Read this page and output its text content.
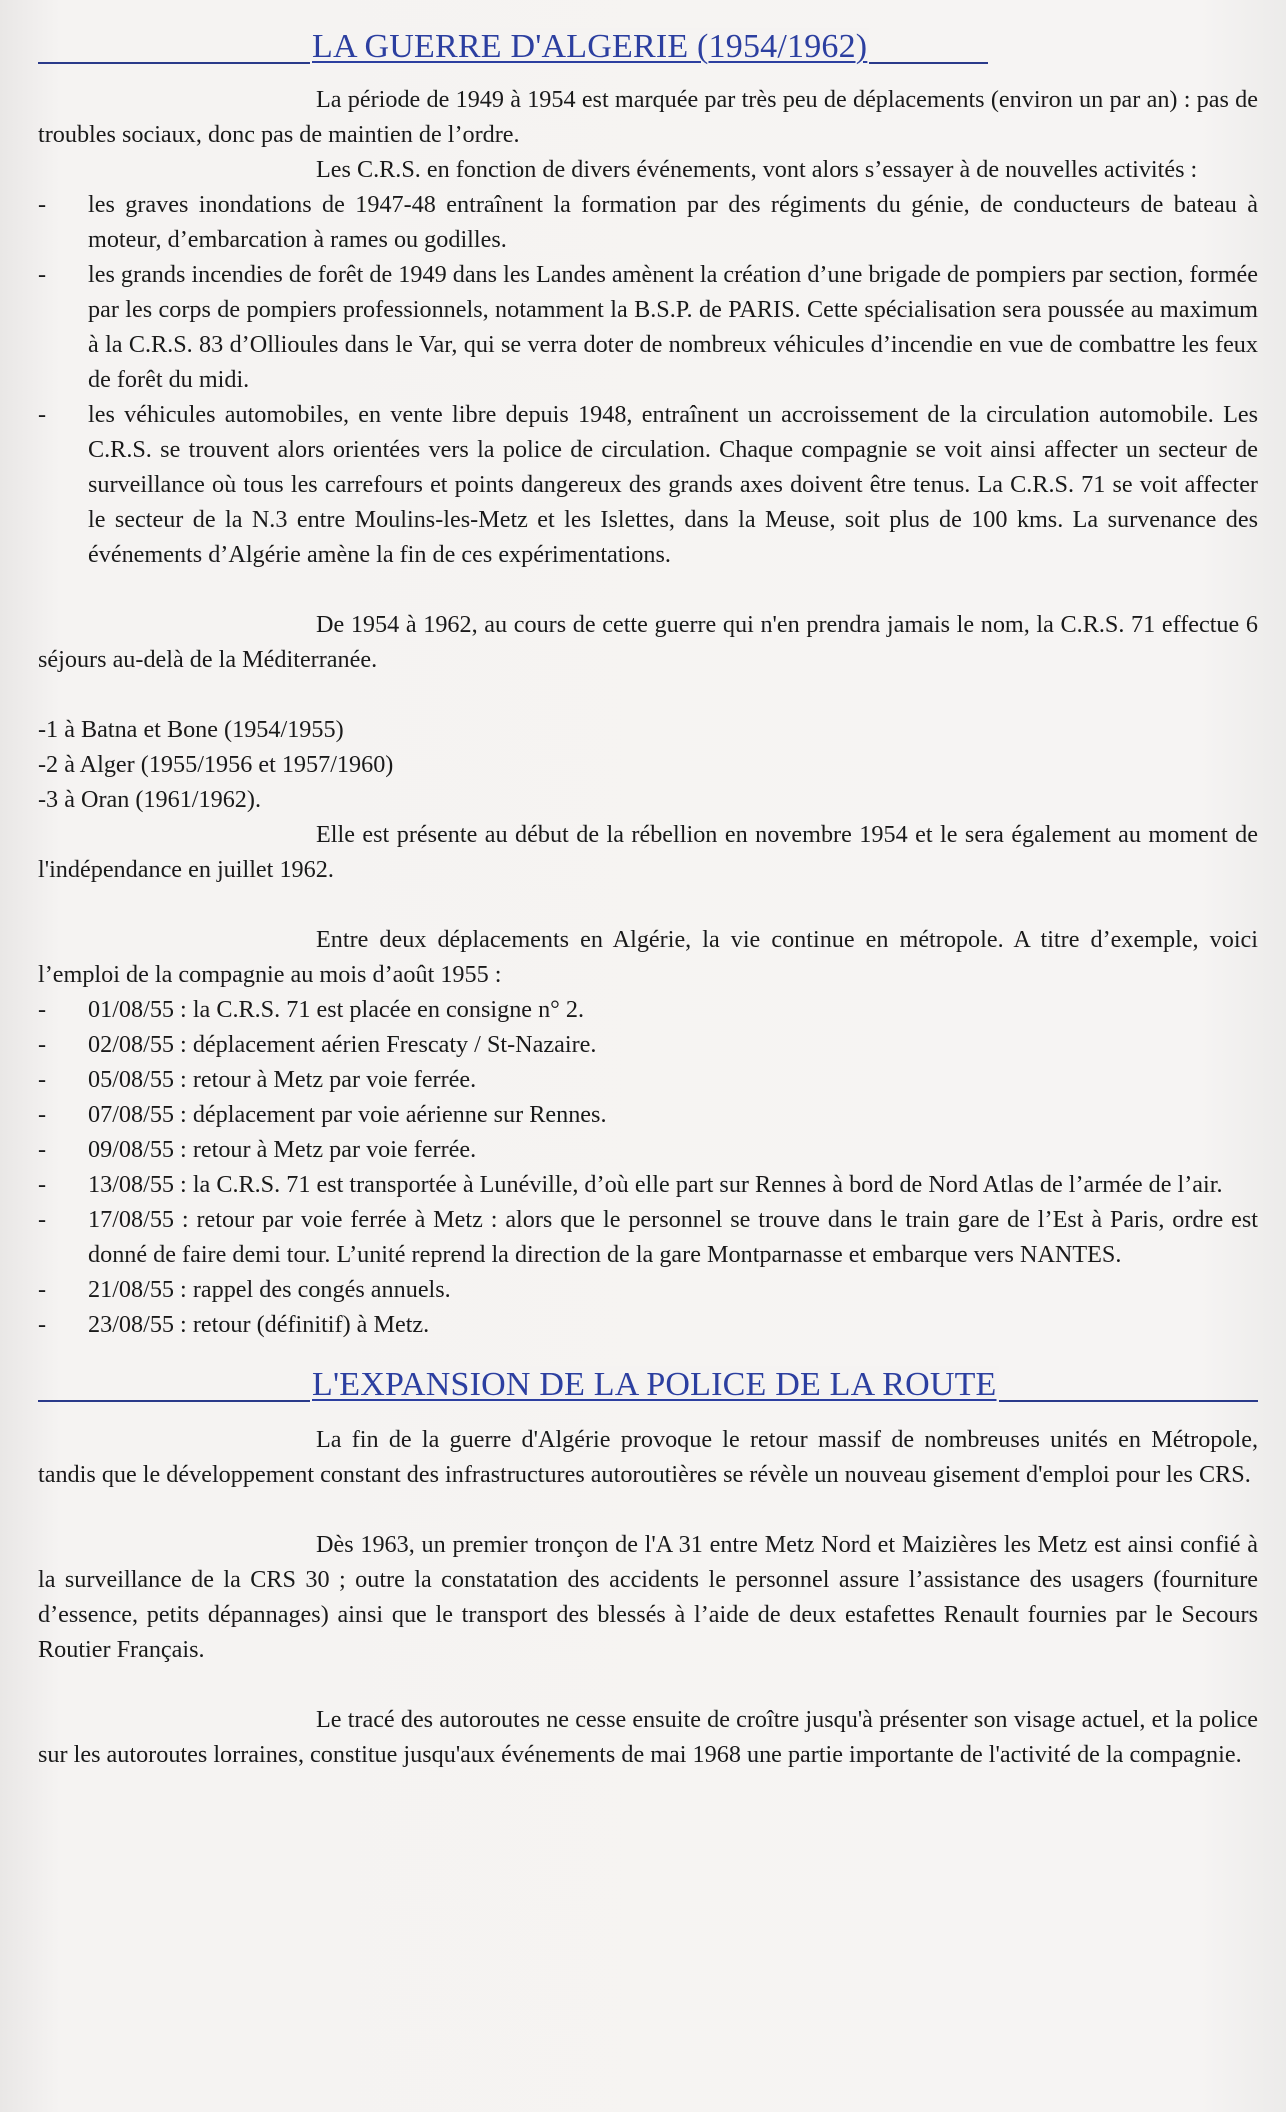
LA GUERRE D'ALGERIE (1954/1962)

La période de 1949 à 1954 est marquée par très peu de déplacements (environ un par an) : pas de troubles sociaux, donc pas de maintien de l’ordre.

Les C.R.S. en fonction de divers événements, vont alors s’essayer à de nouvelles activités :

- les graves inondations de 1947-48 entraînent la formation par des régiments du génie, de conducteurs de bateau à moteur, d’embarcation à rames ou godilles.
- les grands incendies de forêt de 1949 dans les Landes amènent la création d’une brigade de pompiers par section, formée par les corps de pompiers professionnels, notamment la B.S.P. de PARIS. Cette spécialisation sera poussée au maximum à la C.R.S. 83 d’Ollioules dans le Var, qui se verra doter de nombreux véhicules d’incendie en vue de combattre les feux de forêt du midi.
- les véhicules automobiles, en vente libre depuis 1948, entraînent un accroissement de la circulation automobile. Les C.R.S. se trouvent alors orientées vers la police de circulation. Chaque compagnie se voit ainsi affecter un secteur de surveillance où tous les carrefours et points dangereux des grands axes doivent être tenus. La C.R.S. 71 se voit affecter le secteur de la N.3 entre Moulins-les-Metz et les Islettes, dans la Meuse, soit plus de 100 kms. La survenance des événements d’Algérie amène la fin de ces expérimentations.

De 1954 à 1962, au cours de cette guerre qui n'en prendra jamais le nom, la C.R.S. 71 effectue 6 séjours au-delà de la Méditerranée.

-1 à Batna et Bone (1954/1955)

-2 à Alger (1955/1956 et 1957/1960)

-3 à Oran (1961/1962).

Elle est présente au début de la rébellion en novembre 1954 et le sera également au moment de l'indépendance en juillet 1962.

Entre deux déplacements en Algérie, la vie continue en métropole. A titre d’exemple, voici l’emploi de la compagnie au mois d’août 1955 :

- 01/08/55 : la C.R.S. 71 est placée en consigne n° 2.
- 02/08/55 : déplacement aérien Frescaty / St-Nazaire.
- 05/08/55 : retour à Metz par voie ferrée.
- 07/08/55 : déplacement par voie aérienne sur Rennes.
- 09/08/55 : retour à Metz par voie ferrée.
- 13/08/55 : la C.R.S. 71 est transportée à Lunéville, d’où elle part sur Rennes à bord de Nord Atlas de l’armée de l’air.
- 17/08/55 : retour par voie ferrée à Metz : alors que le personnel se trouve dans le train gare de l’Est à Paris, ordre est donné de faire demi tour. L’unité reprend la direction de la gare Montparnasse et embarque vers NANTES.
- 21/08/55 : rappel des congés annuels.
- 23/08/55 : retour (définitif) à Metz.
L'EXPANSION DE LA POLICE DE LA ROUTE

La fin de la guerre d'Algérie provoque le retour massif de nombreuses unités en Métropole, tandis que le développement constant des infrastructures autoroutières se révèle un nouveau gisement d'emploi pour les CRS.

Dès 1963, un premier tronçon de l'A 31 entre Metz Nord et Maizières les Metz est ainsi confié à la surveillance de la CRS 30 ; outre la constatation des accidents le personnel assure l’assistance des usagers (fourniture d’essence, petits dépannages) ainsi que le transport des blessés à l’aide de deux estafettes Renault fournies par le Secours Routier Français.

Le tracé des autoroutes ne cesse ensuite de croître jusqu'à présenter son visage actuel, et la police sur les autoroutes lorraines, constitue jusqu'aux événements de mai 1968 une partie importante de l'activité de la compagnie.
